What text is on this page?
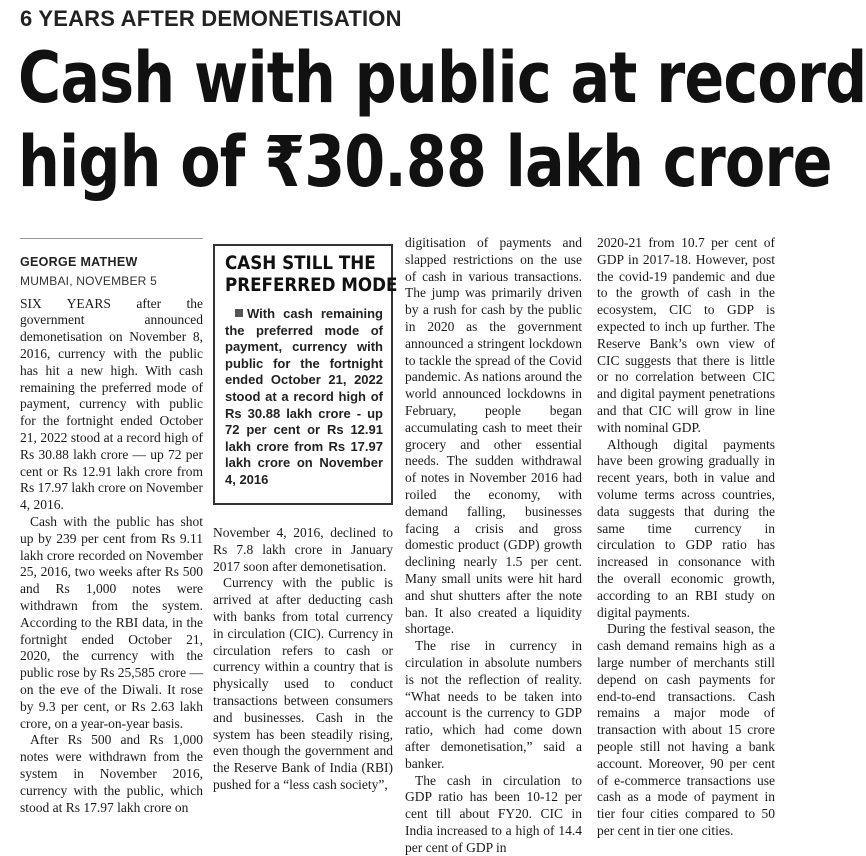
6 YEARS AFTER DEMONETISATION
Cash with public at record
high of ₹30.88 lakh crore
GEORGE MATHEW
MUMBAI, NOVEMBER 5

SIX YEARS after the government announced demonetisation on November 8, 2016, currency with the public has hit a new high. With cash remaining the preferred mode of payment, currency with public for the fortnight ended October 21, 2022 stood at a record high of Rs 30.88 lakh crore — up 72 per cent or Rs 12.91 lakh crore from Rs 17.97 lakh crore on November 4, 2016.

Cash with the public has shot up by 239 per cent from Rs 9.11 lakh crore recorded on November 25, 2016, two weeks after Rs 500 and Rs 1,000 notes were withdrawn from the system. According to the RBI data, in the fortnight ended October 21, 2020, the currency with the public rose by Rs 25,585 crore — on the eve of the Diwali. It rose by 9.3 per cent, or Rs 2.63 lakh crore, on a year-on-year basis.

After Rs 500 and Rs 1,000 notes were withdrawn from the system in November 2016, currency with the public, which stood at Rs 17.97 lakh crore on

CASH STILL THE
PREFERRED MODE

With cash remaining the preferred mode of payment, currency with public for the fortnight ended October 21, 2022 stood at a record high of Rs 30.88 lakh crore - up 72 per cent or Rs 12.91 lakh crore from Rs 17.97 lakh crore on November 4, 2016

November 4, 2016, declined to Rs 7.8 lakh crore in January 2017 soon after demonetisation.

Currency with the public is arrived at after deducting cash with banks from total currency in circulation (CIC). Currency in circulation refers to cash or currency within a country that is physically used to conduct transactions between consumers and businesses. Cash in the system has been steadily rising, even though the government and the Reserve Bank of India (RBI) pushed for a “less cash society”,

digitisation of payments and slapped restrictions on the use of cash in various transactions. The jump was primarily driven by a rush for cash by the public in 2020 as the government announced a stringent lockdown to tackle the spread of the Covid pandemic. As nations around the world announced lockdowns in February, people began accumulating cash to meet their grocery and other essential needs. The sudden withdrawal of notes in November 2016 had roiled the economy, with demand falling, businesses facing a crisis and gross domestic product (GDP) growth declining nearly 1.5 per cent. Many small units were hit hard and shut shutters after the note ban. It also created a liquidity shortage.

The rise in currency in circulation in absolute numbers is not the reflection of reality. “What needs to be taken into account is the currency to GDP ratio, which had come down after demonetisation,” said a banker.

The cash in circulation to GDP ratio has been 10-12 per cent till about FY20. CIC in India increased to a high of 14.4 per cent of GDP in

2020-21 from 10.7 per cent of GDP in 2017-18. However, post the covid-19 pandemic and due to the growth of cash in the ecosystem, CIC to GDP is expected to inch up further. The Reserve Bank’s own view of CIC suggests that there is little or no correlation between CIC and digital payment penetrations and that CIC will grow in line with nominal GDP.

Although digital payments have been growing gradually in recent years, both in value and volume terms across countries, data suggests that during the same time currency in circulation to GDP ratio has increased in consonance with the overall economic growth, according to an RBI study on digital payments.

During the festival season, the cash demand remains high as a large number of merchants still depend on cash payments for end-to-end transactions. Cash remains a major mode of transaction with about 15 crore people still not having a bank account. Moreover, 90 per cent of e-commerce transactions use cash as a mode of payment in tier four cities compared to 50 per cent in tier one cities.
